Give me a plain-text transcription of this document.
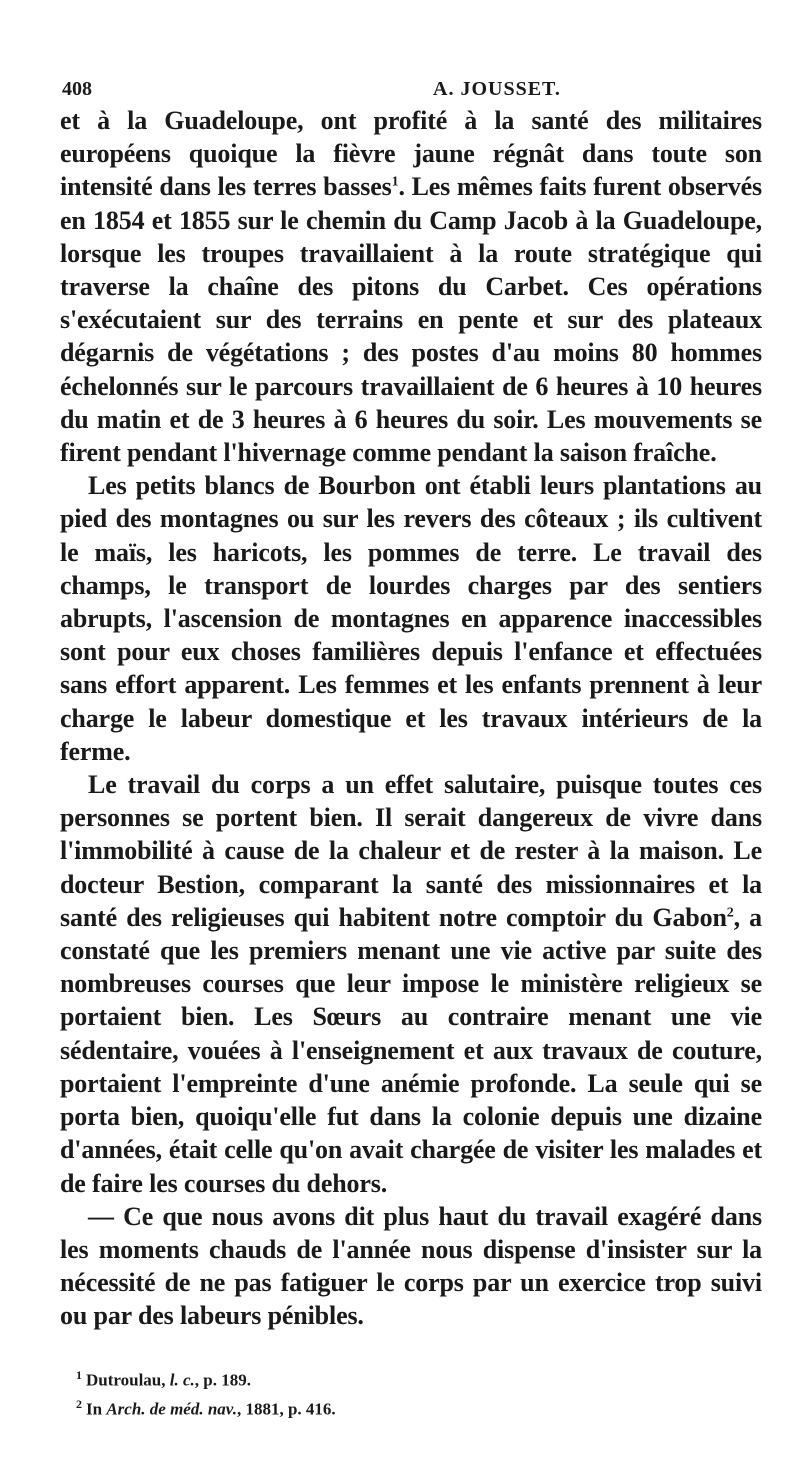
408	A. JOUSSET.

et à la Guadeloupe, ont profité à la santé des militaires européens quoique la fièvre jaune régnât dans toute son intensité dans les terres basses$^1$. Les mêmes faits furent observés en 1854 et 1855 sur le chemin du Camp Jacob à la Guadeloupe, lorsque les troupes travaillaient à la route stratégique qui traverse la chaîne des pitons du Carbet. Ces opérations s'exécutaient sur des terrains en pente et sur des plateaux dégarnis de végétations ; des postes d'au moins 80 hommes échelonnés sur le parcours travaillaient de 6 heures à 10 heures du matin et de 3 heures à 6 heures du soir. Les mouvements se firent pendant l'hivernage comme pendant la saison fraîche.

Les petits blancs de Bourbon ont établi leurs plantations au pied des montagnes ou sur les revers des côteaux ; ils cultivent le maïs, les haricots, les pommes de terre. Le travail des champs, le transport de lourdes charges par des sentiers abrupts, l'ascension de montagnes en apparence inaccessibles sont pour eux choses familières depuis l'enfance et effectuées sans effort apparent. Les femmes et les enfants prennent à leur charge le labeur domestique et les travaux intérieurs de la ferme.

Le travail du corps a un effet salutaire, puisque toutes ces personnes se portent bien. Il serait dangereux de vivre dans l'immobilité à cause de la chaleur et de rester à la maison. Le docteur Bestion, comparant la santé des missionnaires et la santé des religieuses qui habitent notre comptoir du Gabon$^2$, a constaté que les premiers menant une vie active par suite des nombreuses courses que leur impose le ministère religieux se portaient bien. Les Sœurs au contraire menant une vie sédentaire, vouées à l'enseignement et aux travaux de couture, portaient l'empreinte d'une anémie profonde. La seule qui se porta bien, quoiqu'elle fut dans la colonie depuis une dizaine d'années, était celle qu'on avait chargée de visiter les malades et de faire les courses du dehors.

— Ce que nous avons dit plus haut du travail exagéré dans les moments chauds de l'année nous dispense d'insister sur la nécessité de ne pas fatiguer le corps par un exercice trop suivi ou par des labeurs pénibles.

$^1$ Dutroulau, l. c., p. 189.

$^2$ In Arch. de méd. nav., 1881, p. 416.
